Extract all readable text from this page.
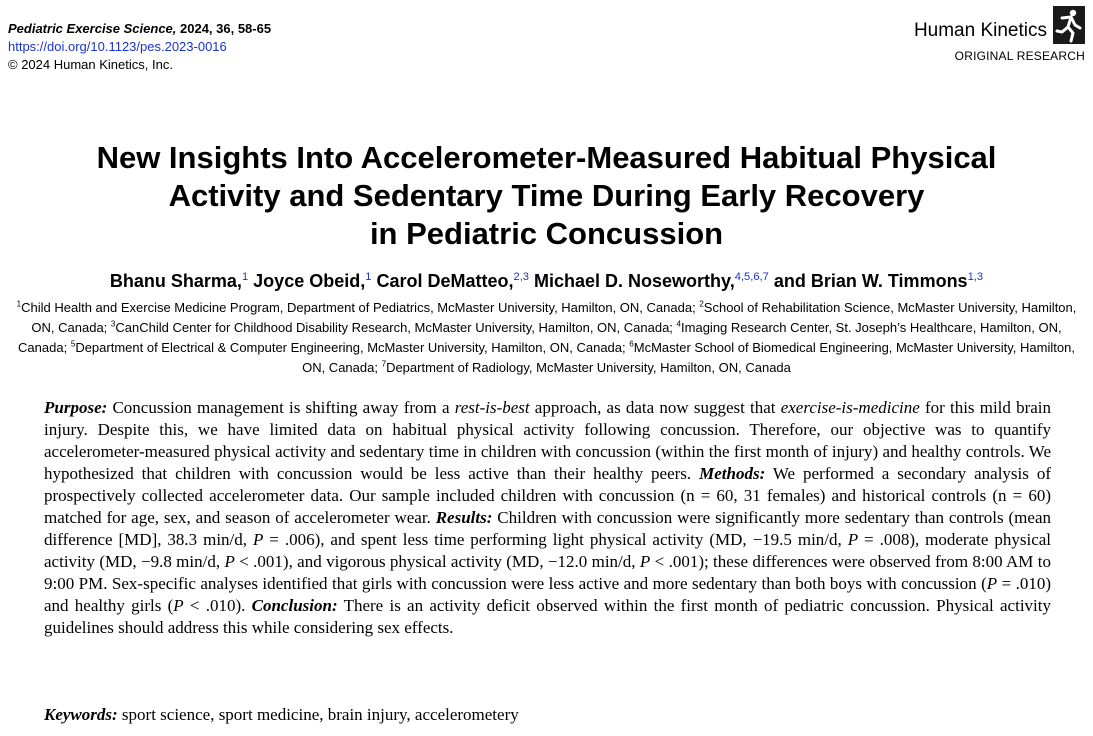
Pediatric Exercise Science, 2024, 36, 58-65
https://doi.org/10.1123/pes.2023-0016
© 2024 Human Kinetics, Inc.
Human Kinetics
ORIGINAL RESEARCH
New Insights Into Accelerometer-Measured Habitual Physical
Activity and Sedentary Time During Early Recovery
in Pediatric Concussion
Bhanu Sharma,$^1$ Joyce Obeid,$^1$ Carol DeMatteo,$^{2,3}$ Michael D. Noseworthy,$^{4,5,6,7}$ and Brian W. Timmons$^{1,3}$
$^1$Child Health and Exercise Medicine Program, Department of Pediatrics, McMaster University, Hamilton, ON, Canada; $^2$School of Rehabilitation Science, McMaster University, Hamilton, ON, Canada; $^3$CanChild Center for Childhood Disability Research, McMaster University, Hamilton, ON, Canada; $^4$Imaging Research Center, St. Joseph’s Healthcare, Hamilton, ON, Canada; $^5$Department of Electrical & Computer Engineering, McMaster University, Hamilton, ON, Canada; $^6$McMaster School of Biomedical Engineering, McMaster University, Hamilton, ON, Canada; $^7$Department of Radiology, McMaster University, Hamilton, ON, Canada

Purpose: Concussion management is shifting away from a rest-is-best approach, as data now suggest that exercise-is-medicine for this mild brain injury. Despite this, we have limited data on habitual physical activity following concussion. Therefore, our objective was to quantify accelerometer-measured physical activity and sedentary time in children with concussion (within the first month of injury) and healthy controls. We hypothesized that children with concussion would be less active than their healthy peers. Methods: We performed a secondary analysis of prospectively collected accelerometer data. Our sample included children with concussion (n = 60, 31 females) and historical controls (n = 60) matched for age, sex, and season of accelerometer wear. Results: Children with concussion were significantly more sedentary than controls (mean difference [MD], 38.3 min/d, P = .006), and spent less time performing light physical activity (MD, −19.5 min/d, P = .008), moderate physical activity (MD, −9.8 min/d, P < .001), and vigorous physical activity (MD, −12.0 min/d, P < .001); these differences were observed from 8:00 AM to 9:00 PM. Sex-specific analyses identified that girls with concussion were less active and more sedentary than both boys with concussion (P = .010) and healthy girls (P < .010). Conclusion: There is an activity deficit observed within the first month of pediatric concussion. Physical activity guidelines should address this while considering sex effects.

Keywords: sport science, sport medicine, brain injury, accelerometery
